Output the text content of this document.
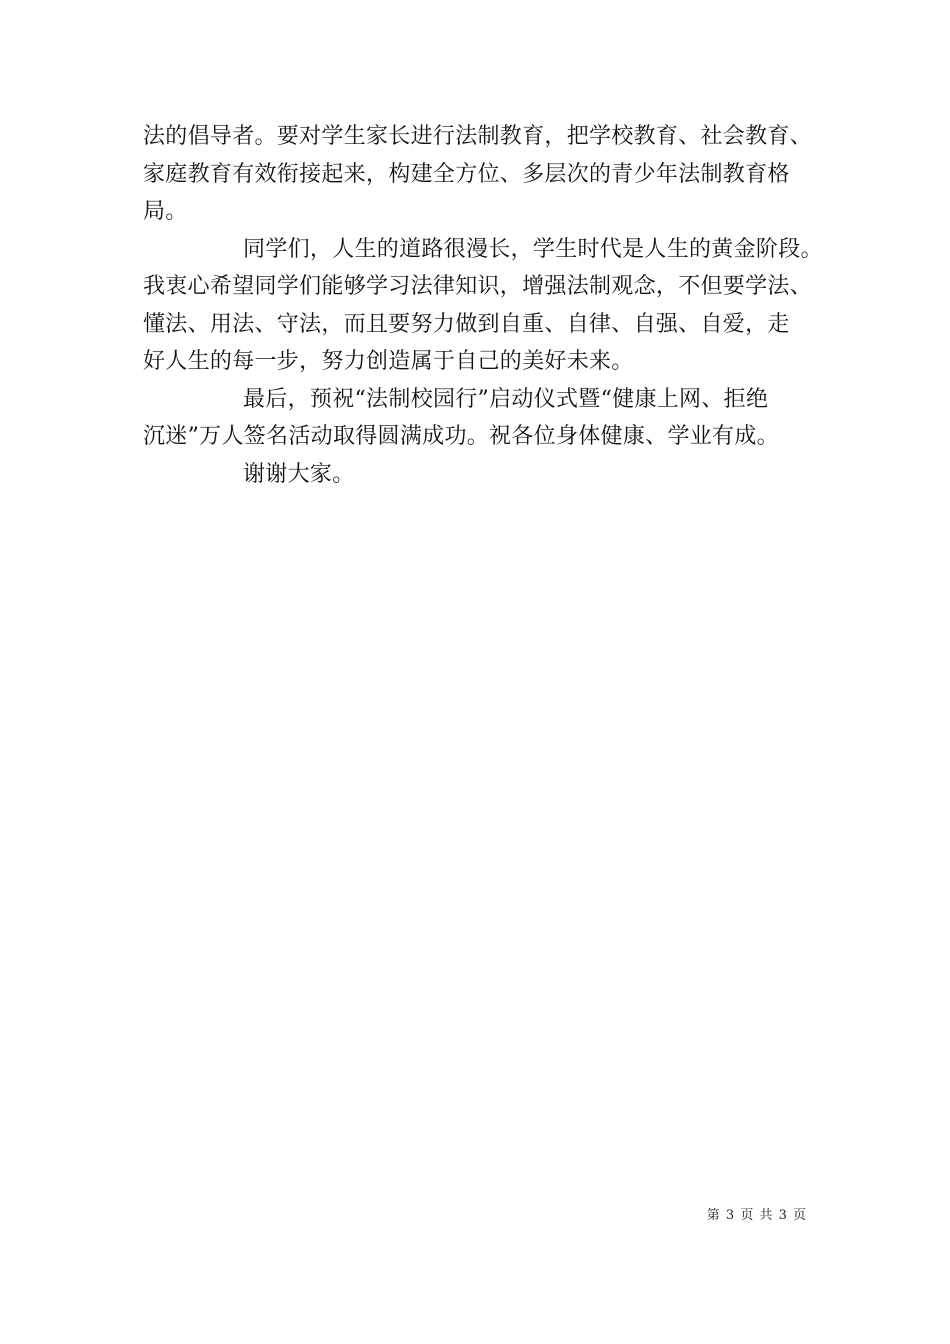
法的倡导者。要对学生家长进行法制教育，把学校教育、社会教育、
家庭教育有效衔接起来，构建全方位、多层次的青少年法制教育格
局。

同学们，人生的道路很漫长，学生时代是人生的黄金阶段。
我衷心希望同学们能够学习法律知识，增强法制观念，不但要学法、
懂法、用法、守法，而且要努力做到自重、自律、自强、自爱，走
好人生的每一步，努力创造属于自己的美好未来。

最后，预祝“法制校园行”启动仪式暨“健康上网、拒绝
沉迷”万人签名活动取得圆满成功。祝各位身体健康、学业有成。

谢谢大家。

第 3 页 共 3 页
